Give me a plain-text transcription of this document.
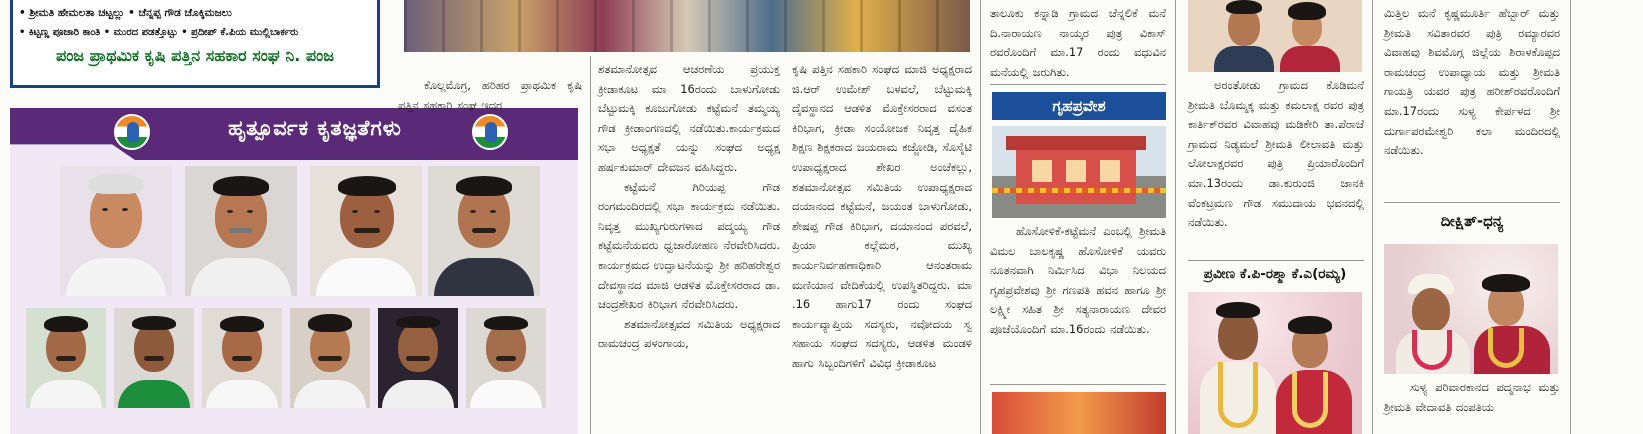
• ಶ್ರೀಮತಿ ಹೇಮಲತಾ ಚಟ್ಟಲ್ಲು • ಚೆನ್ನಪ್ಪ ಗೌಡ ಚೊಕ್ಕಿಮಜಲು
• ಕಿಟ್ಟಣ್ಣ ಪೂಜಾರಿ ಕಾಂತಿ • ಮುರದ ಪಡತ್ತೊಟ್ಟು • ಪ್ರದೀಪ್ ಕೆ.ಪಿಯ ಮುಲ್ಲಿಬಾರ್ಕರು
ಪಂಜ ಪ್ರಾಥಮಿಕ ಕೃಷಿ ಪತ್ತಿನ ಸಹಕಾರ ಸಂಘ ನಿ. ಪಂಜ
ಹೃತ್ಪೂರ್ವಕ ಕೃತಜ್ಞತೆಗಳು

ಕೊಲ್ಲಮೊಗ್ರ, ಹರಿಹರ ಪ್ರಾಥಮಿಕ ಕೃಷಿ ಪತ್ತಿನ ಸಹಕಾರಿ ಸಂಘ ಇದರ

ಶತಮಾನೋತ್ಸವ ಆಚರಣೆಯ ಪ್ರಯುಕ್ತ ಕ್ರೀಡಾಕೂಟ ಮಾ 16ರಂದು ಬಾಳುಗೋಡು ಬೆಟ್ಟುಮಕ್ಕಿ ಕೂಜುಗೋಡು ಕಟ್ಟೆಮನೆ ತಮ್ಮಯ್ಯ ಗೌಡ ಕ್ರೀಡಾಂಗಣದಲ್ಲಿ ನಡೆಯಿತು.ಕಾರ್ಯಕ್ರಮದ ಸಭಾ ಅಧ್ಯಕ್ಷತೆ ಯನ್ನು ಸಂಘದ ಅಧ್ಯಕ್ಷ ಹರ್ಷಕುಮಾರ್ ದೇವಜನ ವಹಿಸಿದ್ದರು.

ಕಟ್ಟೆಮನೆ ಗಿರಿಯಪ್ಪ ಗೌಡ ರಂಗಮಂದಿರದಲ್ಲಿ ಸಭಾ ಕಾರ್ಯಕ್ರಮ ನಡೆಯಿತು. ನಿವೃತ್ತ ಮುಖ್ಯಗುರುಗಳಾದ ಪದ್ಮಯ್ಯ ಗೌಡ ಕಟ್ಟೆಮನೆಯವರು ಧ್ವಜಾರೋಹಣ ನೆರವೇರಿಸಿದರು. ಕಾರ್ಯಕ್ರಮದ ಉದ್ಘಾಟನೆಯನ್ನು ಶ್ರೀ ಹರಿಹರೇಶ್ವರ ದೇವಸ್ಥಾನದ ಮಾಜಿ ಆಡಳಿತ ಮೊಕ್ತೇಸರರಾದ ಡಾ. ಚಂದ್ರಶೇಖರ ಕಿರಿಭಾಗ ನೆರವೇರಿಸಿದರು.

ಶತಮಾನೋತ್ಸವದ ಸಮಿತಿಯ ಅಧ್ಯಕ್ಷರಾದ ರಾಮಚಂದ್ರ ಪಳಂಗಾಯ,

ಕೃಷಿ ಪತ್ತಿನ ಸಹಕಾರಿ ಸಂಘದ ಮಾಜಿ ಅಧ್ಯಕ್ಷರಾದ ಜಿ.ಆರ್ ಉಮೇಶ್ ಬಳವಲೆ, ಬೆಟ್ಟುಮಕ್ಕಿ ದೈವಸ್ಥಾನದ ಆಡಳಿತ ಮೊಕ್ತೇಸರರಾದ ವಸಂತ ಕಿರಿಭಾಗ, ಕ್ರೀಡಾ ಸಂಯೋಜಕ ನಿವೃತ್ತ ದೈಹಿಕ ಶಿಕ್ಷಣ ಶಿಕ್ಷಕರಾದ ಜಯರಾಮ ಕಜ್ಜೋಡಿ, ಸೊಸೈಟಿ ಉಪಾಧ್ಯಕ್ಷರಾದ ಶೇಖರ ಅಂಚೆಕಲ್ಲು, ಶತಮಾನೋತ್ಸವ ಸಮಿತಿಯ ಉಪಾಧ್ಯಕ್ಷರಾದ ದಯಾನಂದ ಕಟ್ಟೆಮನೆ, ಜಯಂತ ಬಾಳುಗೋಡು, ಶೇಷಪ್ಪ ಗೌಡ ಕಿರಿಭಾಗ, ದಯಾನಂದ ಪರವಲೆ, ಪ್ರಿಯಾ ಕಲ್ಲೆಮಠ, ಮುಖ್ಯ ಕಾರ್ಯನಿರ್ವಹಣಾಧಿಕಾರಿ ಆನಂತರಾಮ ಮಣಿಯಾನ ವೇದಿಕೆಯಲ್ಲಿ ಉಪಸ್ಥಿತರಿದ್ದರು. ಮಾ .16 ಹಾಗು17 ರಂದು ಸಂಘದ ಕಾರ್ಯವ್ಯಾಪ್ತಿಯ ಸದಸ್ಯರು, ನವೋದಯ ಸ್ವ ಸಹಾಯ ಸಂಘದ ಸದಸ್ಯರು, ಆಡಳಿತ ಮಂಡಳಿ ಹಾಗು ಸಿಬ್ಬಂದಿಗಳಿಗೆ ವಿವಿಧ ಕ್ರೀಡಾಕೂಟ

ತಾಲೂಕು ಕನ್ನಾಡಿ ಗ್ರಾಮದ ಚೆನ್ನಲಿಕೆ ಮನೆ ದಿ.ನಾರಾಯಣ ನಾಯ್ಕರ ಪುತ್ರ ವಿಕಾಸ್ ರವರೊಂದಿಗೆ ಮಾ.17 ರಂದು ವಧುವಿನ ಮನೆಯಲ್ಲಿ ಜರುಗಿತು.

ಗೃಹಪ್ರವೇಶ

ಹೊಸೋಳಿಕೆ-ಕಟ್ಟೆಮನೆ ಎಂಬಲ್ಲಿ ಶ್ರೀಮತಿ ವಿಮಲ ಬಾಲಕೃಷ್ಣ ಹೊಸೋಳಿಕೆ ಯವರು ನೂತನವಾಗಿ ನಿರ್ಮಿಸಿದ ವಿಭಾ ನಿಲಯದ ಗೃಹಪ್ರವೇಶವು ಶ್ರೀ ಗಣಪತಿ ಹವನ ಹಾಗೂ ಶ್ರೀ ಲಕ್ಷ್ಮೀ ಸಹಿತ ಶ್ರೀ ಸತ್ಯನಾರಾಯಣ ದೇವರ ಪೂಜೆಯೊಂದಿಗೆ ಮಾ.16ರಂದು ನಡೆಯಿತು.

ಅರಂತೋಡು ಗ್ರಾಮದ ಕೊಡಿಮನೆ ಶ್ರೀಮತಿ ಬೊಮ್ಮಕ್ಕ ಮತ್ತು ಕಮಲಾಕ್ಷ ರವರ ಪುತ್ರ ಕಾರ್ತಿಕ್‌ರವರ ವಿವಾಹವು ಮಡಿಕೇರಿ ತಾ.ಪೆರಾಜೆ ಗ್ರಾಮದ ನಿಡ್ಯಮಲೆ ಶ್ರೀಮತಿ ಲೀಲಾವತಿ ಮತ್ತು ಲೋಲಾಕ್ಷರವರ ಪುತ್ರಿ ಪ್ರಿಯಾರೊಂದಿಗೆ ಮಾ.13ರಂದು ಡಾ.ಕುರುಂಜಿ ಜಾನಕಿ ವೆಂಕಟ್ರಮಣ ಗೌಡ ಸಮುದಾಯ ಭವನದಲ್ಲಿ ನಡೆಯಿತು.

ಪ್ರವೀಣ ಕೆ.ಪಿ-ರಶ್ಮಾ ಕೆ.ಎ(ರಮ್ಯ)

ಮಿತ್ತಿಲ ಮನೆ ಕೃಷ್ಣಮೂರ್ತಿ ಹೆಬ್ಬಾರ್ ಮತ್ತು ಶ್ರೀಮತಿ ಸವಿತಾರವರ ಪುತ್ರಿ ರಮ್ಯಾರವರ ವಿವಾಹವು ಶಿವಮೊಗ್ಗ ಜಿಲ್ಲೆಯ ಶಿರಾಳಕೊಪ್ಪದ ರಾಮಚಂದ್ರ ಉಪಾಧ್ಯಾಯ ಮತ್ತು ಶ್ರೀಮತಿ ಗಾಯತ್ರಿ ಯವರ ಪುತ್ರ ಹರೀಶ್‌ರವರೊಂದಿಗೆ ಮಾ.17ರಂದು ಸುಳ್ಯ ಕೇರ್ಪಳದ ಶ್ರೀ ದುರ್ಗಾಪರಮೇಶ್ವರಿ ಕಲಾ ಮಂದಿರದಲ್ಲಿ ನಡೆಯಿತು.

ದೀಕ್ಷಿತ್-ಧನ್ಯ

ಸುಳ್ಯ ಪರಿವಾರಕಾನದ ಪದ್ಮನಾಭ ಮತ್ತು ಶ್ರೀಮತಿ ವೇದಾವತಿ ದಂಪತಿಯ
